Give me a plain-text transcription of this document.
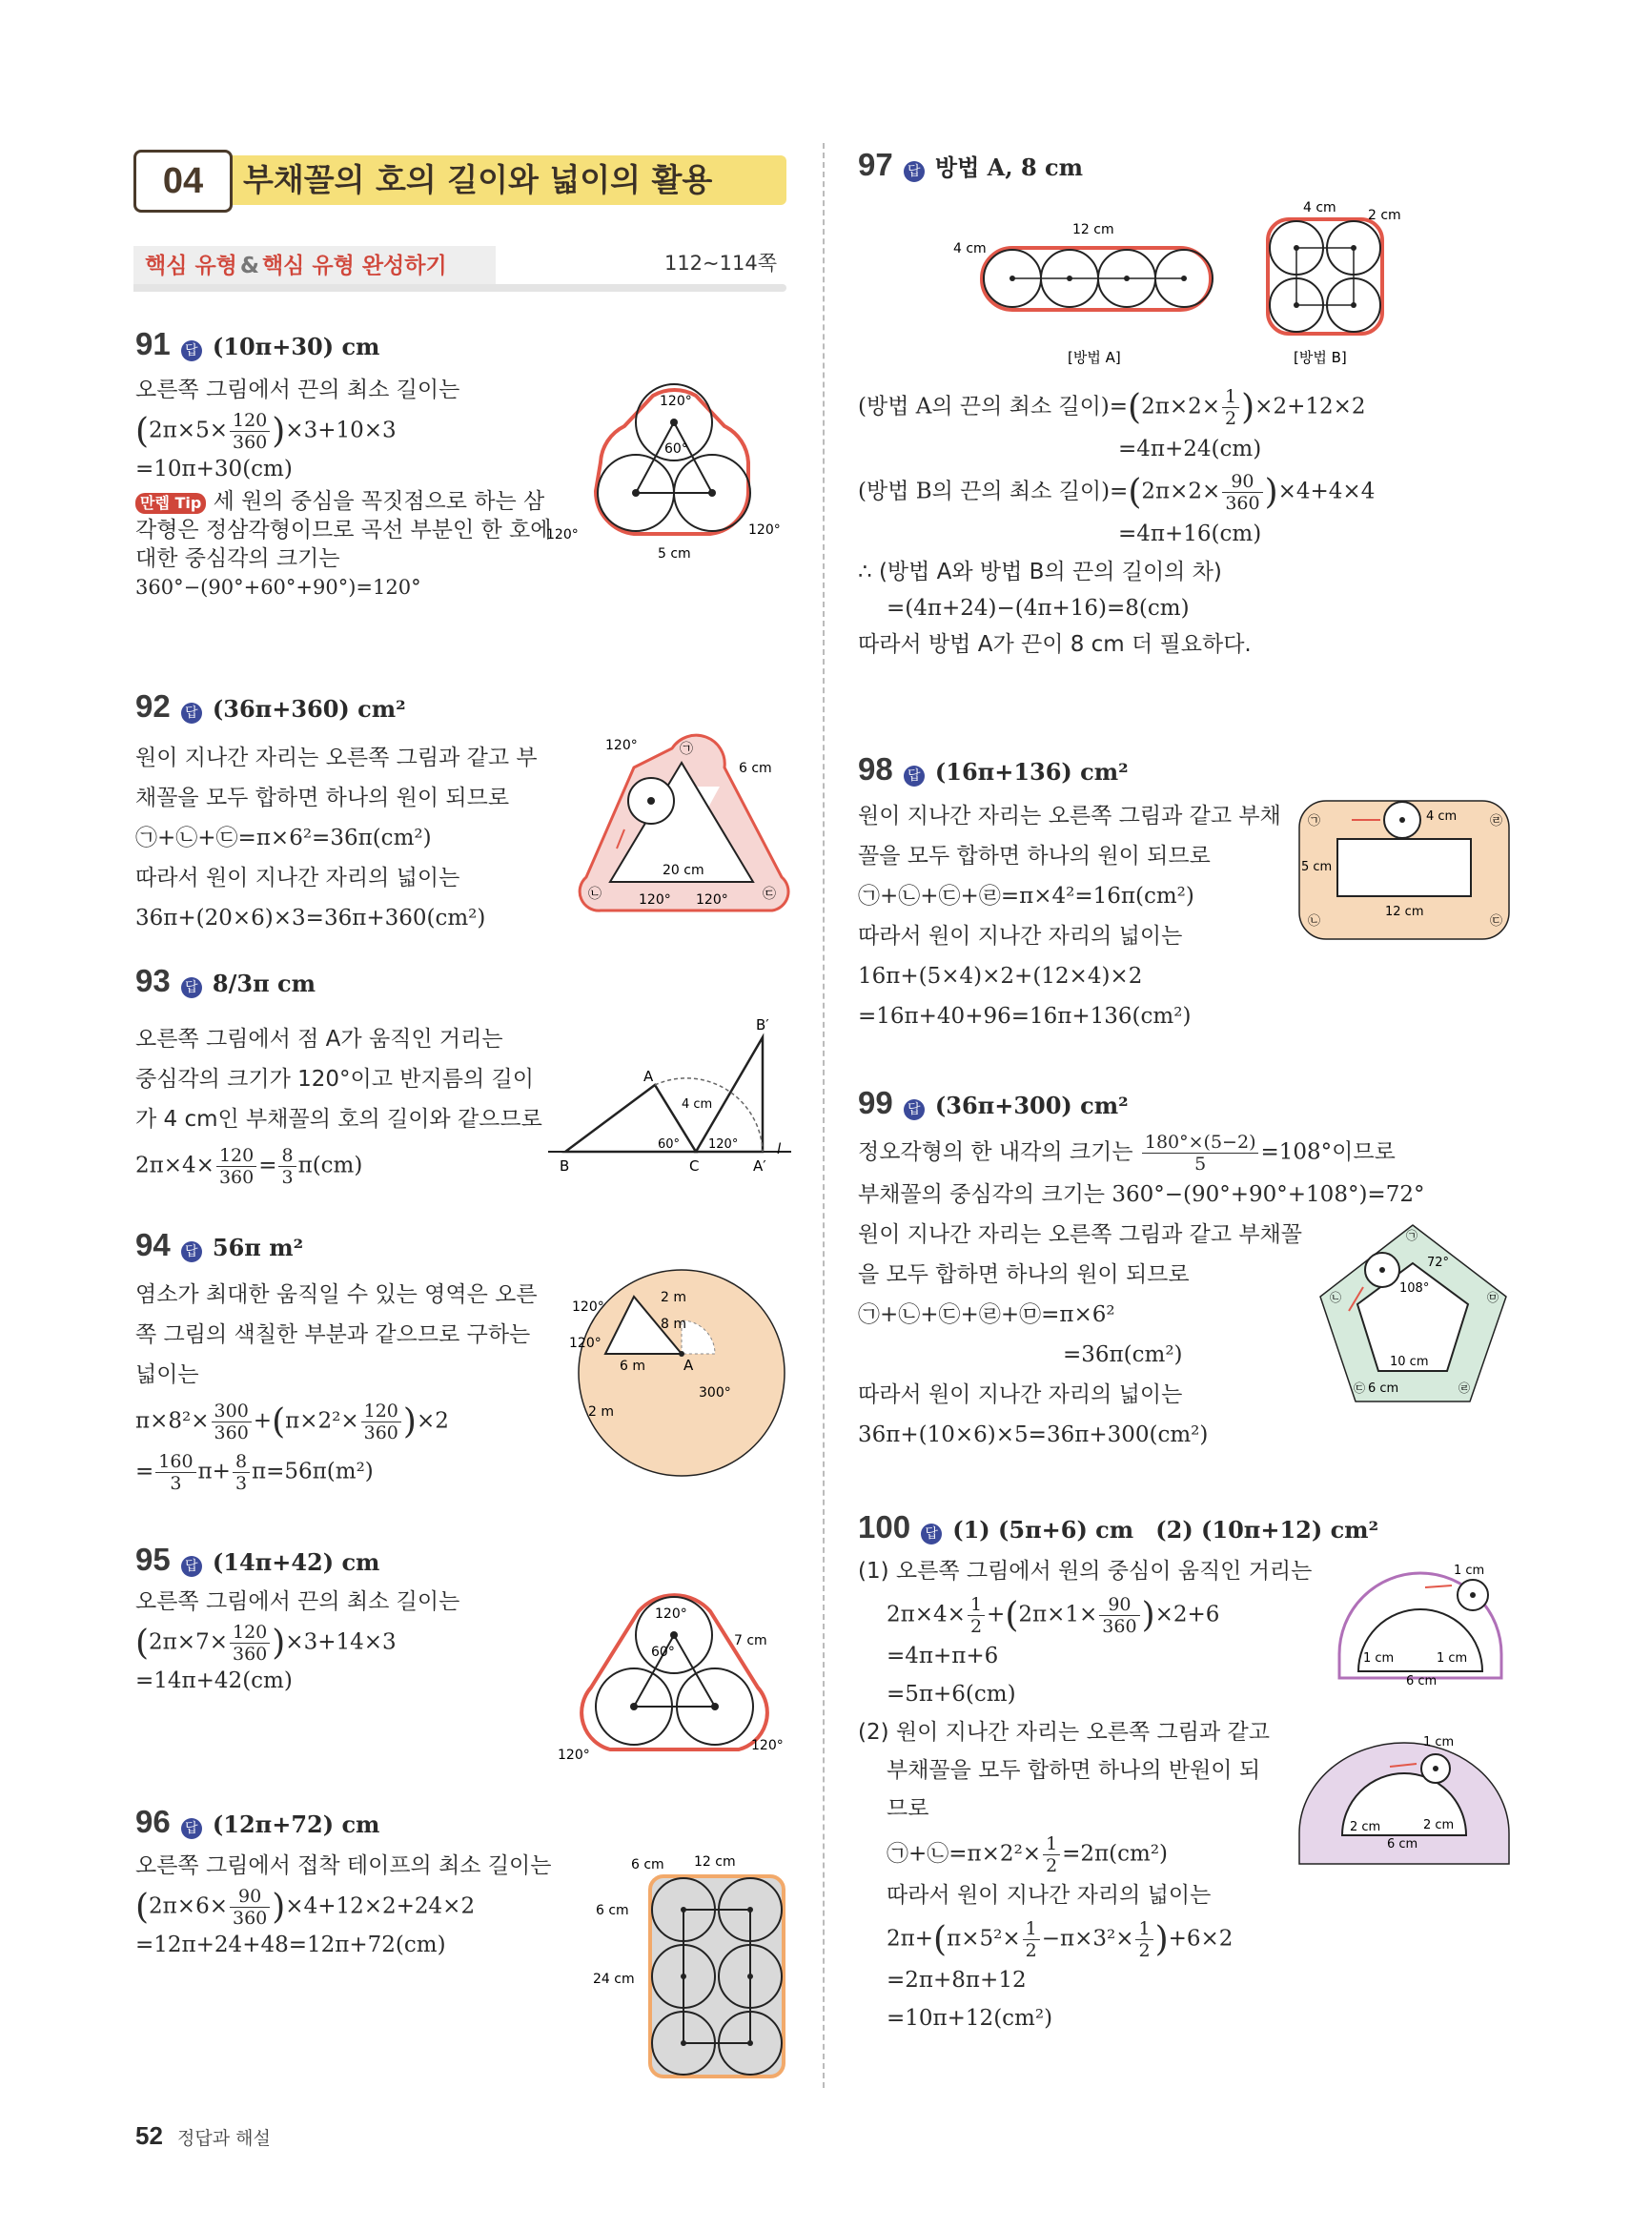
04	부채꼴의 호의 길이와 넓이의 활용
핵심 유형 & 핵심 유형 완성하기	112~114쪽
91 답 (10π+30) cm
오른쪽 그림에서 끈의 최소 길이는
$(2\pi\times 5\times \frac{120}{360} )\times 3+10\times 3$
=10π+30(cm)
만렙 Tip 세 원의 중심을 꼭짓점으로 하는 삼
각형은 정삼각형이므로 곡선 부분인 한 호에
대한 중심각의 크기는
360°−(90°+60°+90°)=120°
120°
60°
120°	120°
5 cm
92 답 (36π+360) cm²
원이 지나간 자리는 오른쪽 그림과 같고 부
채꼴을 모두 합하면 하나의 원이 되므로
㉠+㉡+㉢=π×6²=36π(cm²)
따라서 원이 지나간 자리의 넓이는
36π+(20×6)×3=36π+360(cm²)
120°
6 cm
20 cm
120° 120°
㉠
㉡	㉢
93 답 8/3π cm
오른쪽 그림에서 점 A가 움직인 거리는
중심각의 크기가 120°이고 반지름의 길이
가 4 cm인 부채꼴의 호의 길이와 같으므로
$2\pi\times 4\times \frac{120}{360} = \frac{8}{3} \pi(cm)$	B	C
A
A′
B′
l
4 cm
60° 120°
94 답 56π m²
염소가 최대한 움직일 수 있는 영역은 오른
쪽 그림의 색칠한 부분과 같으므로 구하는
넓이는
$\pi\times 8^2\times \frac{300}{360} +(\pi\times 2^2\times \frac{120}{360} )\times 2$
= $\frac{160}{3} \pi+ \frac{8}{3} \pi=56\pi(m^2)$
120°
120°
2 m
8 m
6 m
2 m
A
300°
95 답 (14π+42) cm
오른쪽 그림에서 끈의 최소 길이는
$(2\pi\times 7\times \frac{120}{360} )\times 3+14\times 3$
=14π+42(cm)
120°
60°
7 cm
120°
120°
96 답 (12π+72) cm
오른쪽 그림에서 접착 테이프의 최소 길이는
$(2\pi\times 6\times \frac{90}{360} )\times 4+12\times 2+24\times 2$
=12π+24+48=12π+72(cm)
6 cm 12 cm
6 cm
24 cm
97 답 방법 A, 8 cm
4 cm
12 cm
[방법 A]
4 cm 2 cm
[방법 B]
(방법 A의 끈의 최소 길이)$=(2\pi\times 2\times \frac{1}{2} )\times 2+12\times 2$
=4π+24(cm)
(방법 B의 끈의 최소 길이)$=(2\pi\times 2\times \frac{90}{360} )\times 4+4\times 4$
=4π+16(cm)
∴ (방법 A와 방법 B의 끈의 길이의 차)
=(4π+24)−(4π+16)=8(cm)
따라서 방법 A가 끈이 8 cm 더 필요하다.
98 답 (16π+136) cm²
원이 지나간 자리는 오른쪽 그림과 같고 부채
꼴을 모두 합하면 하나의 원이 되므로
㉠+㉡+㉢+㉣=π×4²=16π(cm²)
따라서 원이 지나간 자리의 넓이는
16π+(5×4)×2+(12×4)×2
=16π+40+96=16π+136(cm²)
㉠	㉣
㉡	㉢
4 cm
5 cm
12 cm
99 답 (36π+300) cm²
정오각형의 한 내각의 크기는 $\frac{180^\circ\times(5-2)}{5} =108^\circ$이므로
부채꼴의 중심각의 크기는 360°−(90°+90°+108°)=72°
원이 지나간 자리는 오른쪽 그림과 같고 부채꼴
을 모두 합하면 하나의 원이 되므로
㉠+㉡+㉢+㉣+㉤=π×6²
=36π(cm²)
따라서 원이 지나간 자리의 넓이는
36π+(10×6)×5=36π+300(cm²)
72°
108°
10 cm
6 cm
㉠
㉡
㉢	㉣
㉤
100 답 (1) (5π+6) cm (2) (10π+12) cm²
(1) 오른쪽 그림에서 원의 중심이 움직인 거리는
$2\pi\times 4\times \frac{1}{2} +(2\pi\times 1\times \frac{90}{360} )\times 2+6$
=4π+π+6
=5π+6(cm)
(2) 원이 지나간 자리는 오른쪽 그림과 같고
부채꼴을 모두 합하면 하나의 반원이 되
므로
㉠+㉡=π×2²× $\frac{1}{2} =2\pi(cm^2)$
따라서 원이 지나간 자리의 넓이는
$2\pi+(\pi\times 5^2\times \frac{1}{2} -\pi\times 3^2\times \frac{1}{2} )+6\times 2$
=2π+8π+12
=10π+12(cm²)
1 cm
1 cm	1 cm
6 cm
1 cm
2 cm	2 cm
6 cm
52 정답과 해설
